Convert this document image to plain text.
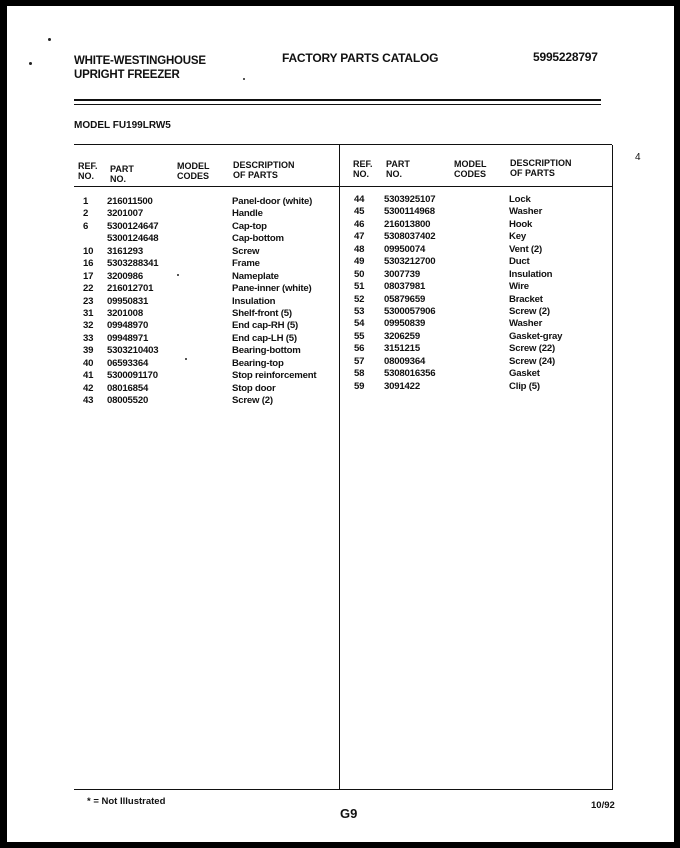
WHITE-WESTINGHOUSE
UPRIGHT FREEZER
FACTORY PARTS CATALOG	5995228797
MODEL FU199LRW5
4
REF.
NO.
PART
NO.
MODEL
CODES
DESCRIPTION
OF PARTS
REF.
NO.
PART
NO.
MODEL
CODES
DESCRIPTION
OF PARTS
1 216011500	Panel-door (white)
2 3201007	Handle
6 5300124647	Cap-top
5300124648	Cap-bottom
10 3161293	Screw
16 5303288341	Frame
17 3200986	Nameplate
22 216012701	Pane-inner (white)
23 09950831	Insulation
31 3201008	Shelf-front (5)
32 09948970	End cap-RH (5)
33 09948971	End cap-LH (5)
39 5303210403	Bearing-bottom
40 06593364	Bearing-top
41 5300091170	Stop reinforcement
42 08016854	Stop door
43 08005520	Screw (2)
44 5303925107	Lock
45 5300114968	Washer
46 216013800	Hook
47 5308037402	Key
48 09950074	Vent (2)
49 5303212700	Duct
50 3007739	Insulation
51 08037981	Wire
52 05879659	Bracket
53 5300057906	Screw (2)
54 09950839	Washer
55 3206259	Gasket-gray
56 3151215	Screw (22)
57 08009364	Screw (24)
58 5308016356	Gasket
59 3091422	Clip (5)
* = Not Illustrated
G9
10/92
